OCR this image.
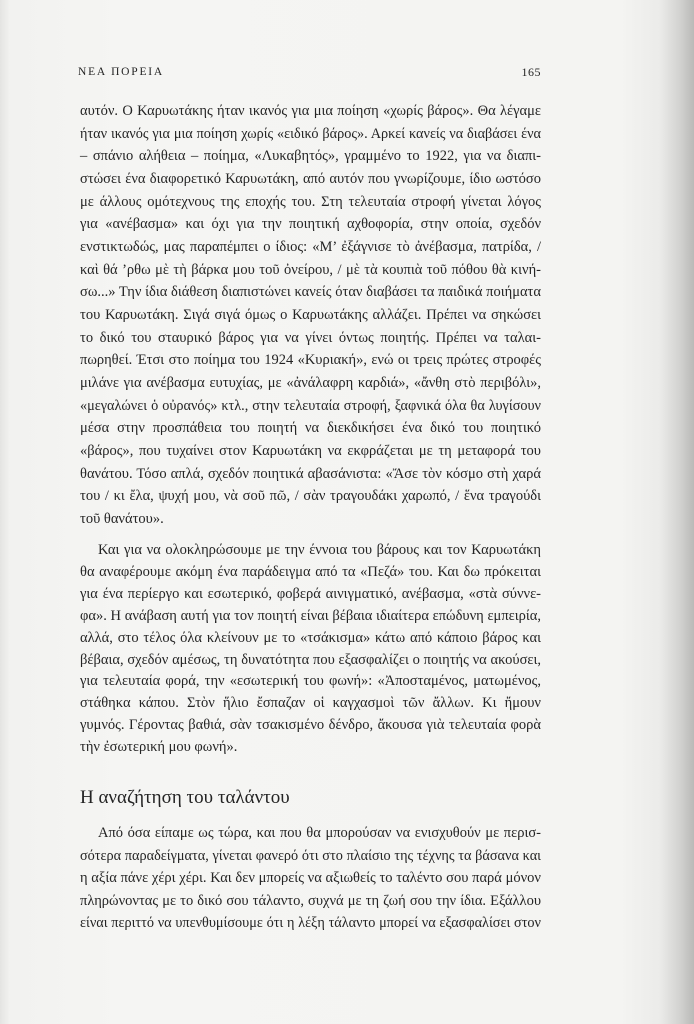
ΝΕΑ ΠΟΡΕΙΑ	165
αυτόν. Ο Καρυωτάκης ήταν ικανός για μια ποίηση «χωρίς βάρος». Θα λέγαμε
ήταν ικανός για μια ποίηση χωρίς «ειδικό βάρος». Αρκεί κανείς να διαβάσει ένα
– σπάνιο αλήθεια – ποίημα, «Λυκαβητός», γραμμένο το 1922, για να διαπι-
στώσει ένα διαφορετικό Καρυωτάκη, από αυτόν που γνωρίζουμε, ίδιο ωστόσο
με άλλους ομότεχνους της εποχής του. Στη τελευταία στροφή γίνεται λόγος
για «ανέβασμα» και όχι για την ποιητική αχθοφορία, στην οποία, σχεδόν
ενστικτωδώς, μας παραπέμπει ο ίδιος: «Μ’ ἐξάγνισε τὸ ἀνέβασμα, πατρίδα, /
καὶ θά ’ρθω μὲ τὴ βάρκα μου τοῦ ὀνείρου, / μὲ τὰ κουπιὰ τοῦ πόθου θὰ κινή-
σω...» Την ίδια διάθεση διαπιστώνει κανείς όταν διαβάσει τα παιδικά ποιήματα
του Καρυωτάκη. Σιγά σιγά όμως ο Καρυωτάκης αλλάζει. Πρέπει να σηκώσει
το δικό του σταυρικό βάρος για να γίνει όντως ποιητής. Πρέπει να ταλαι-
πωρηθεί. Έτσι στο ποίημα του 1924 «Κυριακή», ενώ οι τρεις πρώτες στροφές
μιλάνε για ανέβασμα ευτυχίας, με «ἀνάλαφρη καρδιά», «ἄνθη στὸ περιβόλι»,
«μεγαλώνει ὁ οὐρανός» κτλ., στην τελευταία στροφή, ξαφνικά όλα θα λυγίσουν
μέσα στην προσπάθεια του ποιητή να διεκδικήσει ένα δικό του ποιητικό
«βάρος», που τυχαίνει στον Καρυωτάκη να εκφράζεται με τη μεταφορά του
θανάτου. Τόσο απλά, σχεδόν ποιητικά αβασάνιστα: «Ἄσε τὸν κόσμο στὴ χαρά
του / κι ἔλα, ψυχή μου, νὰ σοῦ πῶ, / σὰν τραγουδάκι χαρωπό, / ἕνα τραγούδι
τοῦ θανάτου».
Και για να ολοκληρώσουμε με την έννοια του βάρους και τον Καρυωτάκη
θα αναφέρουμε ακόμη ένα παράδειγμα από τα «Πεζά» του. Και δω πρόκειται
για ένα περίεργο και εσωτερικό, φοβερά αινιγματικό, ανέβασμα, «στὰ σύννε-
φα». Η ανάβαση αυτή για τον ποιητή είναι βέβαια ιδιαίτερα επώδυνη εμπειρία,
αλλά, στο τέλος όλα κλείνουν με το «τσάκισμα» κάτω από κάποιο βάρος και
βέβαια, σχεδόν αμέσως, τη δυνατότητα που εξασφαλίζει ο ποιητής να ακούσει,
για τελευταία φορά, την «εσωτερική του φωνή»: «Ἀποσταμένος, ματωμένος,
στάθηκα κάπου. Στὸν ἥλιο ἔσπαζαν οἱ καγχασμοὶ τῶν ἄλλων. Κι ἤμουν
γυμνός. Γέροντας βαθιά, σὰν τσακισμένο δένδρο, ἄκουσα γιὰ τελευταία φορὰ
τὴν ἐσωτερική μου φωνή».
Η αναζήτηση του ταλάντου
Από όσα είπαμε ως τώρα, και που θα μπορούσαν να ενισχυθούν με περισ-
σότερα παραδείγματα, γίνεται φανερό ότι στο πλαίσιο της τέχνης τα βάσανα και
η αξία πάνε χέρι χέρι. Και δεν μπορείς να αξιωθείς το ταλέντο σου παρά μόνον
πληρώνοντας με το δικό σου τάλαντο, συχνά με τη ζωή σου την ίδια. Εξάλλου
είναι περιττό να υπενθυμίσουμε ότι η λέξη τάλαντο μπορεί να εξασφαλίσει στον
